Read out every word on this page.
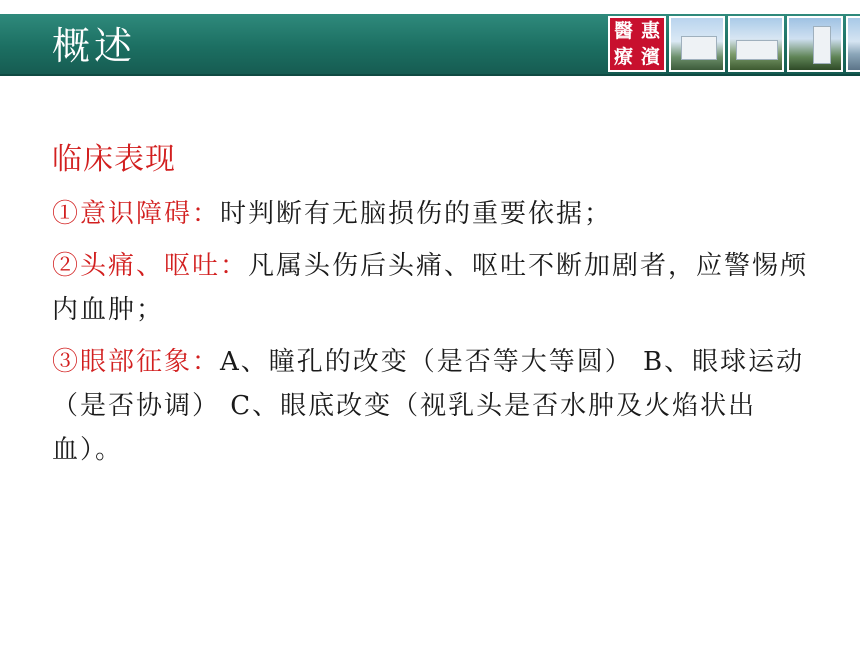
概述	醫 惠
療 濱
临床表现
①意识障碍：时判断有无脑损伤的重要依据；
②头痛、呕吐：凡属头伤后头痛、呕吐不断加剧者，应警惕颅内血肿；
③眼部征象：A、瞳孔的改变（是否等大等圆） B、眼球运动（是否协调） C、眼底改变（视乳头是否水肿及火焰状出血）。
